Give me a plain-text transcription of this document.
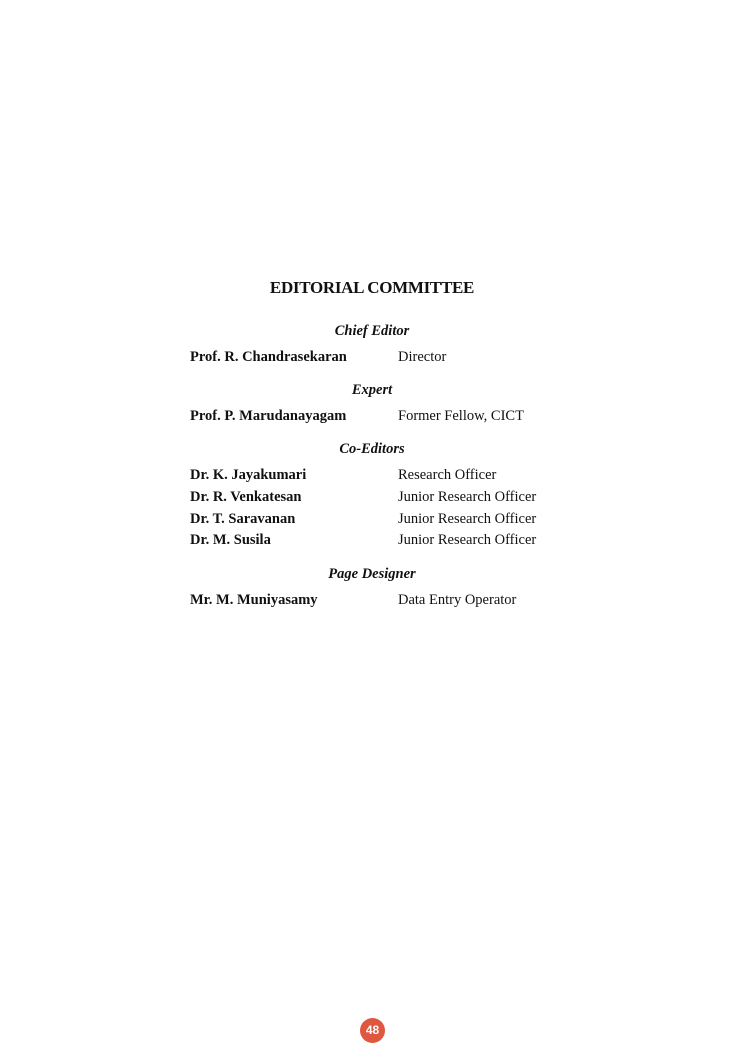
EDITORIAL COMMITTEE
Chief Editor
Prof. R. Chandrasekaran	Director
Expert
Prof. P. Marudanayagam	Former Fellow, CICT
Co-Editors
Dr. K. Jayakumari	Research Officer
Dr. R. Venkatesan	Junior Research Officer
Dr. T. Saravanan	Junior Research Officer
Dr. M. Susila	Junior Research Officer
Page Designer
Mr. M. Muniyasamy	Data Entry Operator
48
